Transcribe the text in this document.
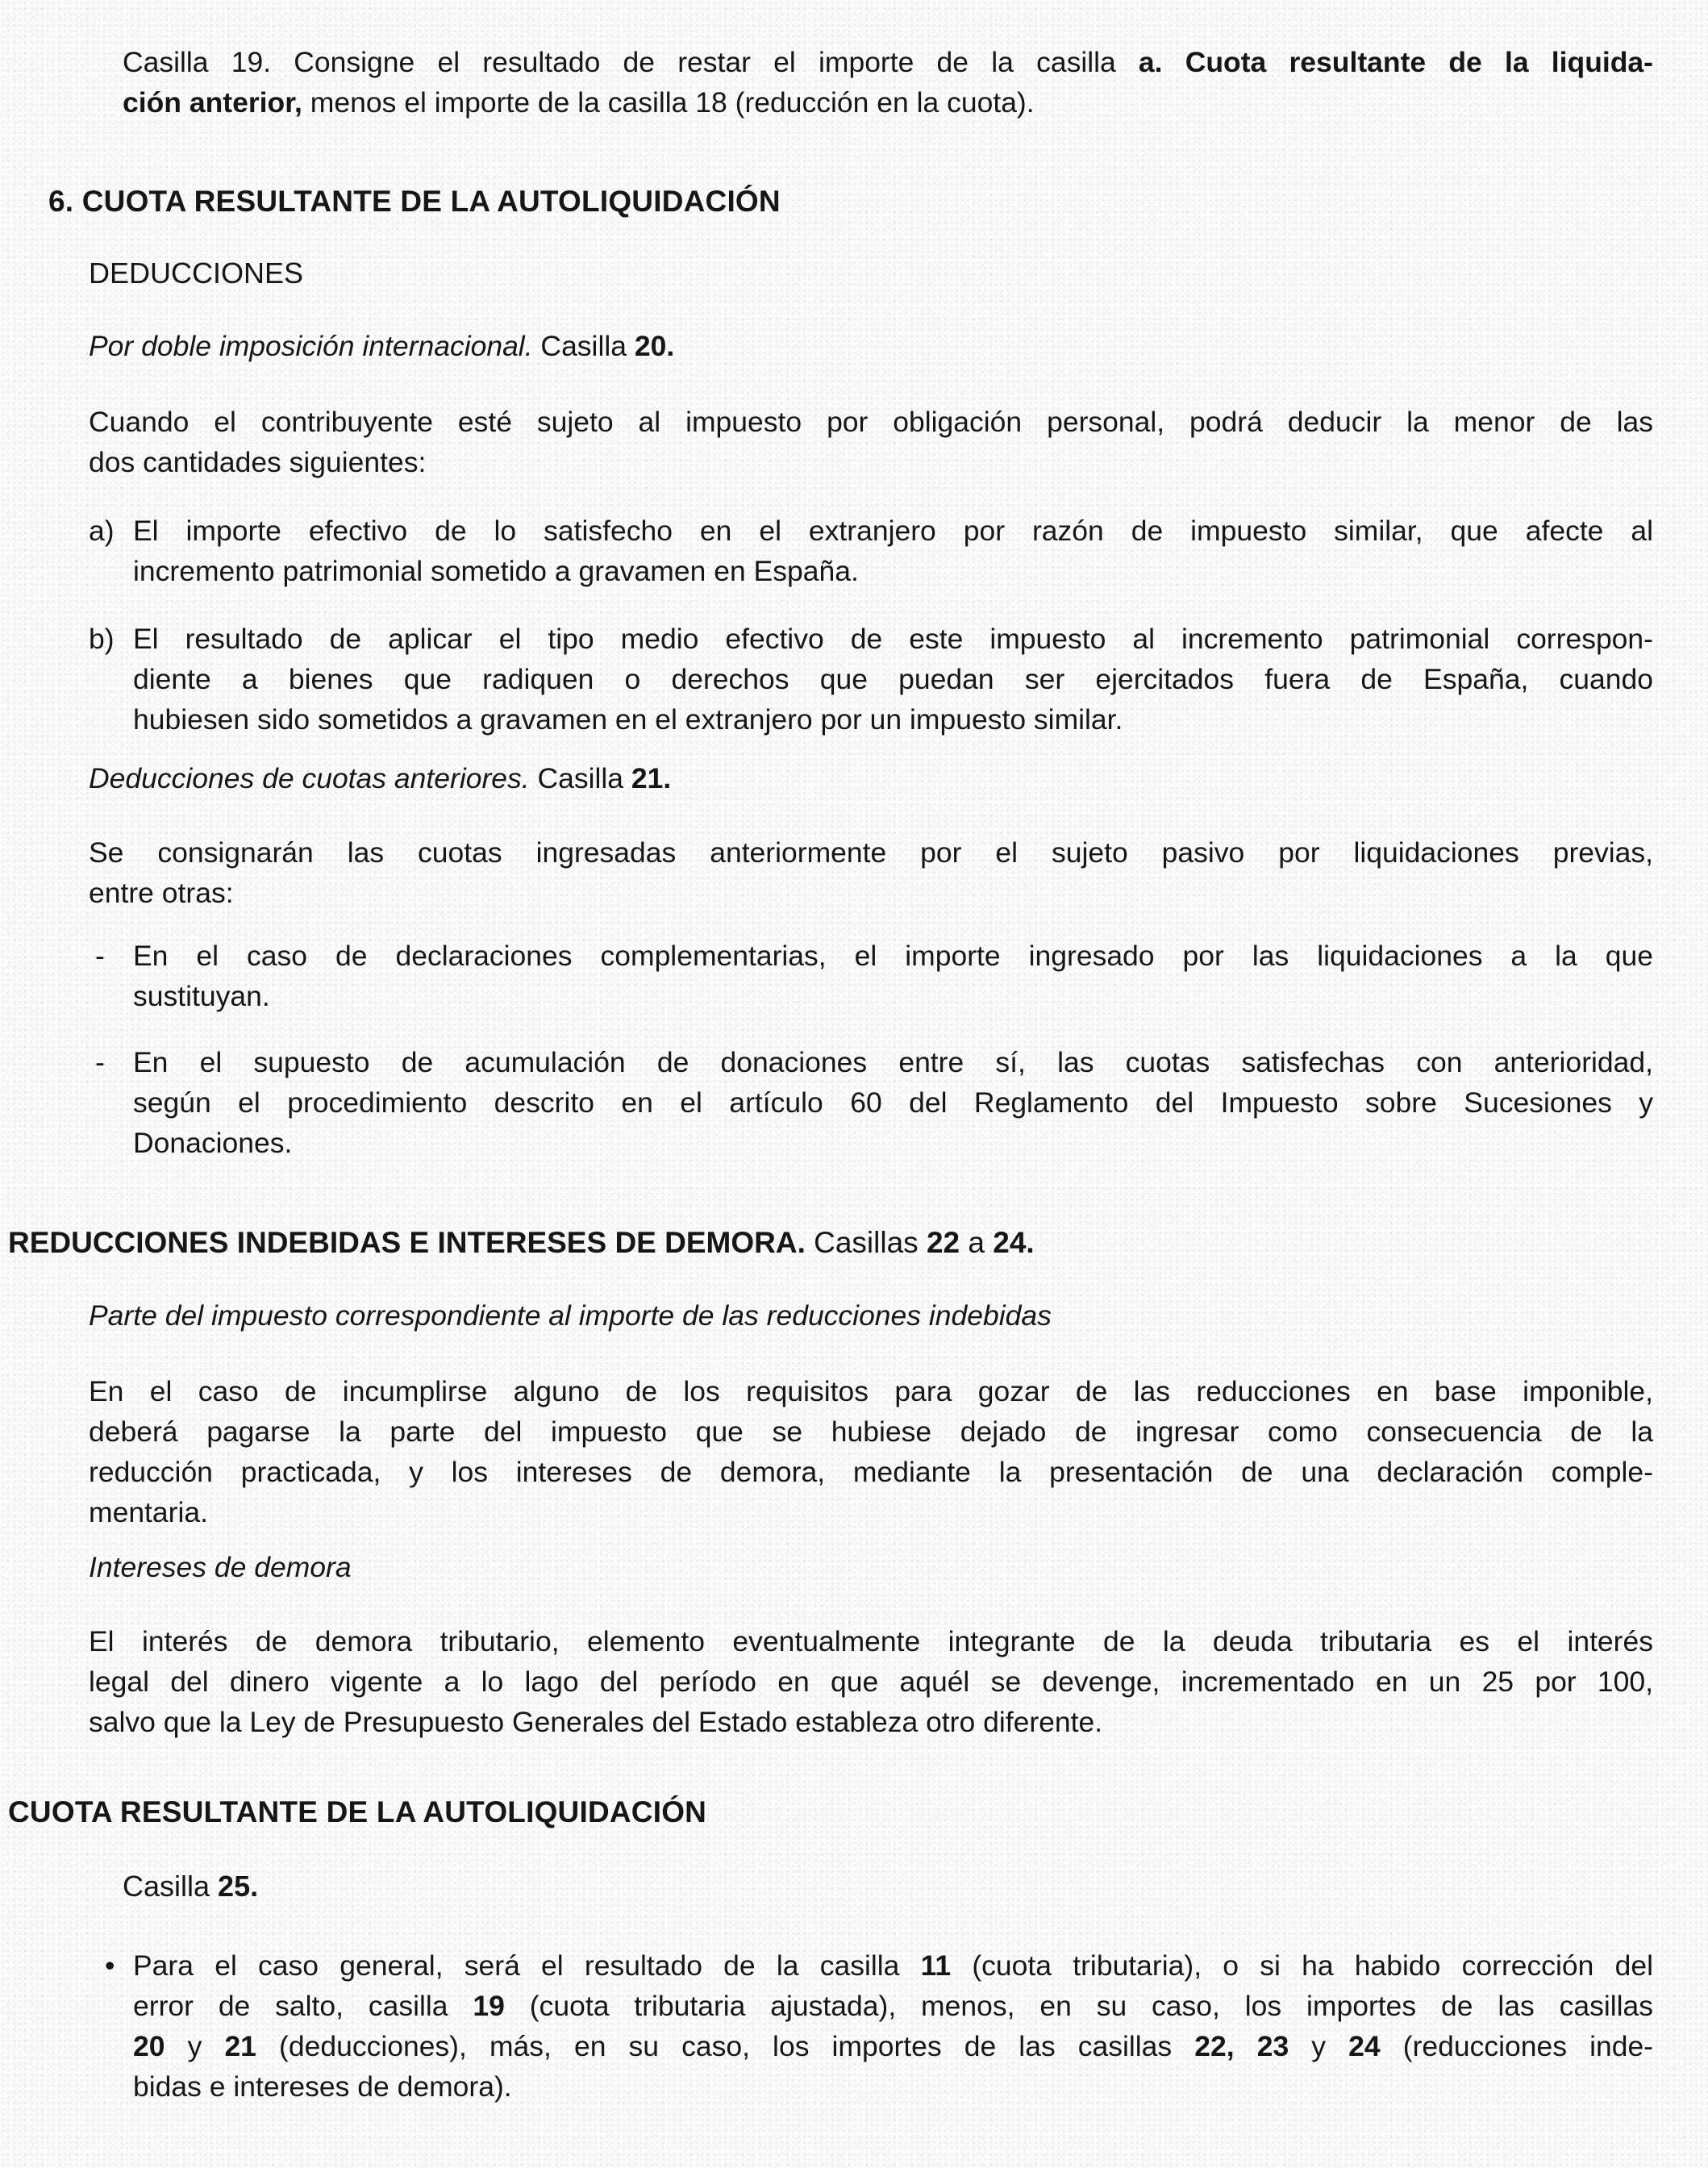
Casilla 19. Consigne el resultado de restar el importe de la casilla a. Cuota resultante de la liquida-
ción anterior, menos el importe de la casilla 18 (reducción en la cuota).
6. CUOTA RESULTANTE DE LA AUTOLIQUIDACIÓN
DEDUCCIONES
Por doble imposición internacional. Casilla 20.
Cuando el contribuyente esté sujeto al impuesto por obligación personal, podrá deducir la menor de las
dos cantidades siguientes:
a) El importe efectivo de lo satisfecho en el extranjero por razón de impuesto similar, que afecte al
incremento patrimonial sometido a gravamen en España.
b) El resultado de aplicar el tipo medio efectivo de este impuesto al incremento patrimonial correspon-
diente a bienes que radiquen o derechos que puedan ser ejercitados fuera de España, cuando
hubiesen sido sometidos a gravamen en el extranjero por un impuesto similar.
Deducciones de cuotas anteriores. Casilla 21.
Se consignarán las cuotas ingresadas anteriormente por el sujeto pasivo por liquidaciones previas,
entre otras:
- En el caso de declaraciones complementarias, el importe ingresado por las liquidaciones a la que
sustituyan.
- En el supuesto de acumulación de donaciones entre sí, las cuotas satisfechas con anterioridad,
según el procedimiento descrito en el artículo 60 del Reglamento del Impuesto sobre Sucesiones y
Donaciones.
REDUCCIONES INDEBIDAS E INTERESES DE DEMORA. Casillas 22 a 24.
Parte del impuesto correspondiente al importe de las reducciones indebidas
En el caso de incumplirse alguno de los requisitos para gozar de las reducciones en base imponible,
deberá pagarse la parte del impuesto que se hubiese dejado de ingresar como consecuencia de la
reducción practicada, y los intereses de demora, mediante la presentación de una declaración comple-
mentaria.
Intereses de demora
El interés de demora tributario, elemento eventualmente integrante de la deuda tributaria es el interés
legal del dinero vigente a lo lago del período en que aquél se devenge, incrementado en un 25 por 100,
salvo que la Ley de Presupuesto Generales del Estado estableza otro diferente.
CUOTA RESULTANTE DE LA AUTOLIQUIDACIÓN
Casilla 25.
• Para el caso general, será el resultado de la casilla 11 (cuota tributaria), o si ha habido corrección del
error de salto, casilla 19 (cuota tributaria ajustada), menos, en su caso, los importes de las casillas
20 y 21 (deducciones), más, en su caso, los importes de las casillas 22, 23 y 24 (reducciones inde-
bidas e intereses de demora).
